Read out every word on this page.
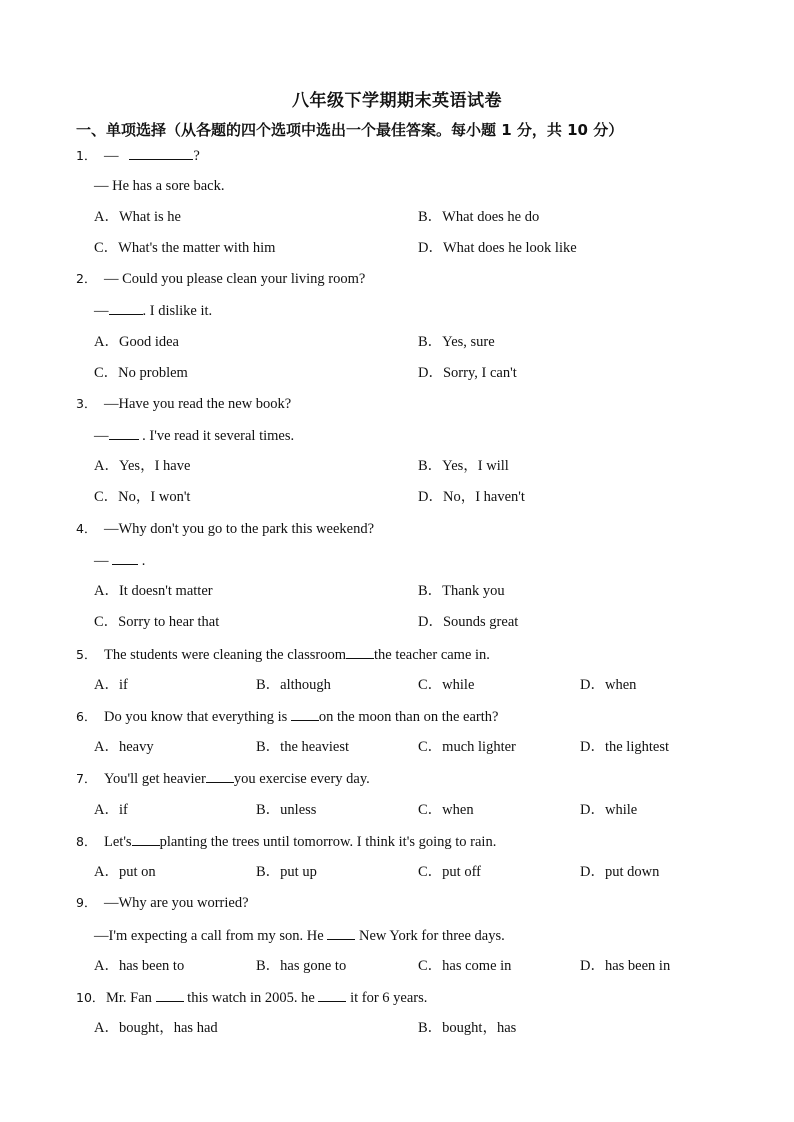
八年级下学期期末英语试卷
一、单项选择（从各题的四个选项中选出一个最佳答案。每小题 1 分，共 10 分）
1． —	?
— He has a sore back.
A．What is he	B．What does he do
C．What's the matter with him	D．What does he look like
2． — Could you please clean your living room?
— . I dislike it.
A．Good idea	B．Yes, sure
C．No problem	D．Sorry, I can't
3． —Have you read the new book?
— . I've read it several times.
A．Yes，I have	B．Yes，I will
C．No，I won't	D．No，I haven't
4． —Why don't you go to the park this weekend?
—  .
A．It doesn't matter	B．Thank you
C．Sorry to hear that	D．Sounds great
5． The students were cleaning the classroom the teacher came in.
A．if	B．although	C．while	D．when
6． Do you know that everything is on the moon than on the earth?
A．heavy	B．the heaviest	C．much lighter	D．the lightest
7． You'll get heavier you exercise every day.
A．if	B．unless	C．when	D．while
8． Let's planting the trees until tomorrow. I think it's going to rain.
A．put on	B．put up	C．put off	D．put down
9． —Why are you worried?
—I'm expecting a call from my son. He  New York for three days.
A．has been to	B．has gone to	C．has come in	D．has been in
10． Mr. Fan  this watch in 2005. he  it for 6 years.
A．bought，has had	B．bought，has
